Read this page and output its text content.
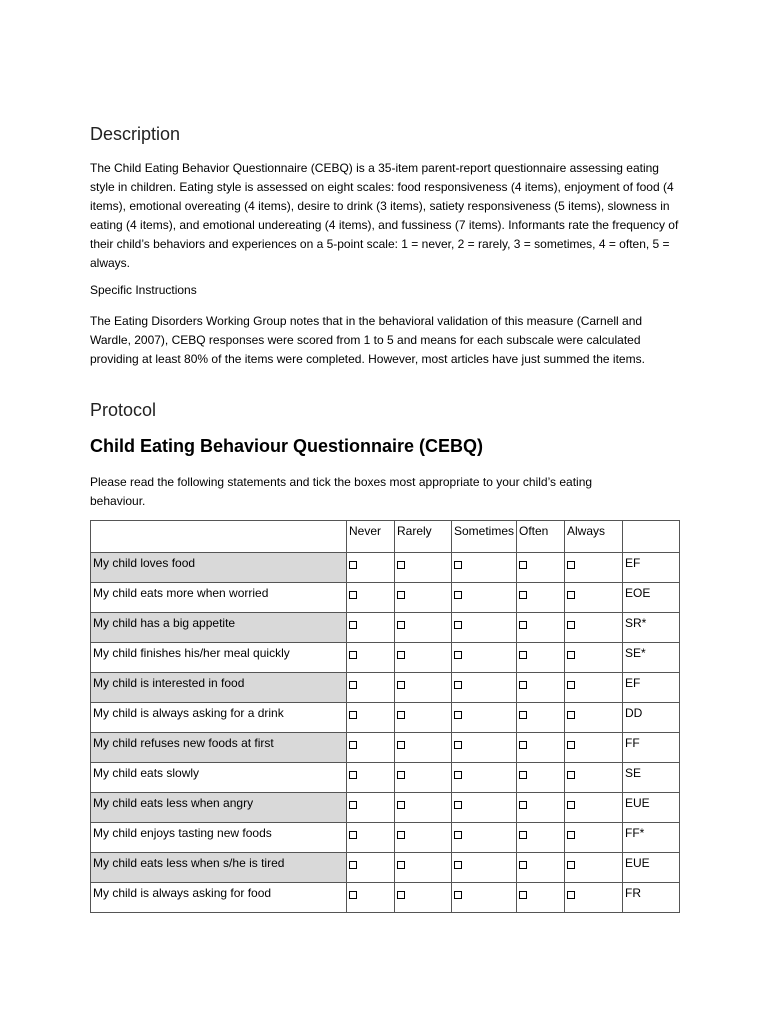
Description

The Child Eating Behavior Questionnaire (CEBQ) is a 35-item parent-report questionnaire assessing eating style in children. Eating style is assessed on eight scales: food responsiveness (4 items), enjoyment of food (4 items), emotional overeating (4 items), desire to drink (3 items), satiety responsiveness (5 items), slowness in eating (4 items), and emotional undereating (4 items), and fussiness (7 items). Informants rate the frequency of their child’s behaviors and experiences on a 5-point scale: 1 = never, 2 = rarely, 3 = sometimes, 4 = often, 5 = always.

Specific Instructions

The Eating Disorders Working Group notes that in the behavioral validation of this measure (Carnell and Wardle, 2007), CEBQ responses were scored from 1 to 5 and means for each subscale were calculated providing at least 80% of the items were completed. However, most articles have just summed the items.

Protocol
Child Eating Behaviour Questionnaire (CEBQ)

Please read the following statements and tick the boxes most appropriate to your child’s eating behaviour.

	Never	Rarely	Sometimes	Often	Always	
My child loves food						EF
My child eats more when worried						EOE
My child has a big appetite						SR*
My child finishes his/her meal quickly						SE*
My child is interested in food						EF
My child is always asking for a drink						DD
My child refuses new foods at first						FF
My child eats slowly						SE
My child eats less when angry						EUE
My child enjoys tasting new foods						FF*
My child eats less when s/he is tired						EUE
My child is always asking for food						FR
